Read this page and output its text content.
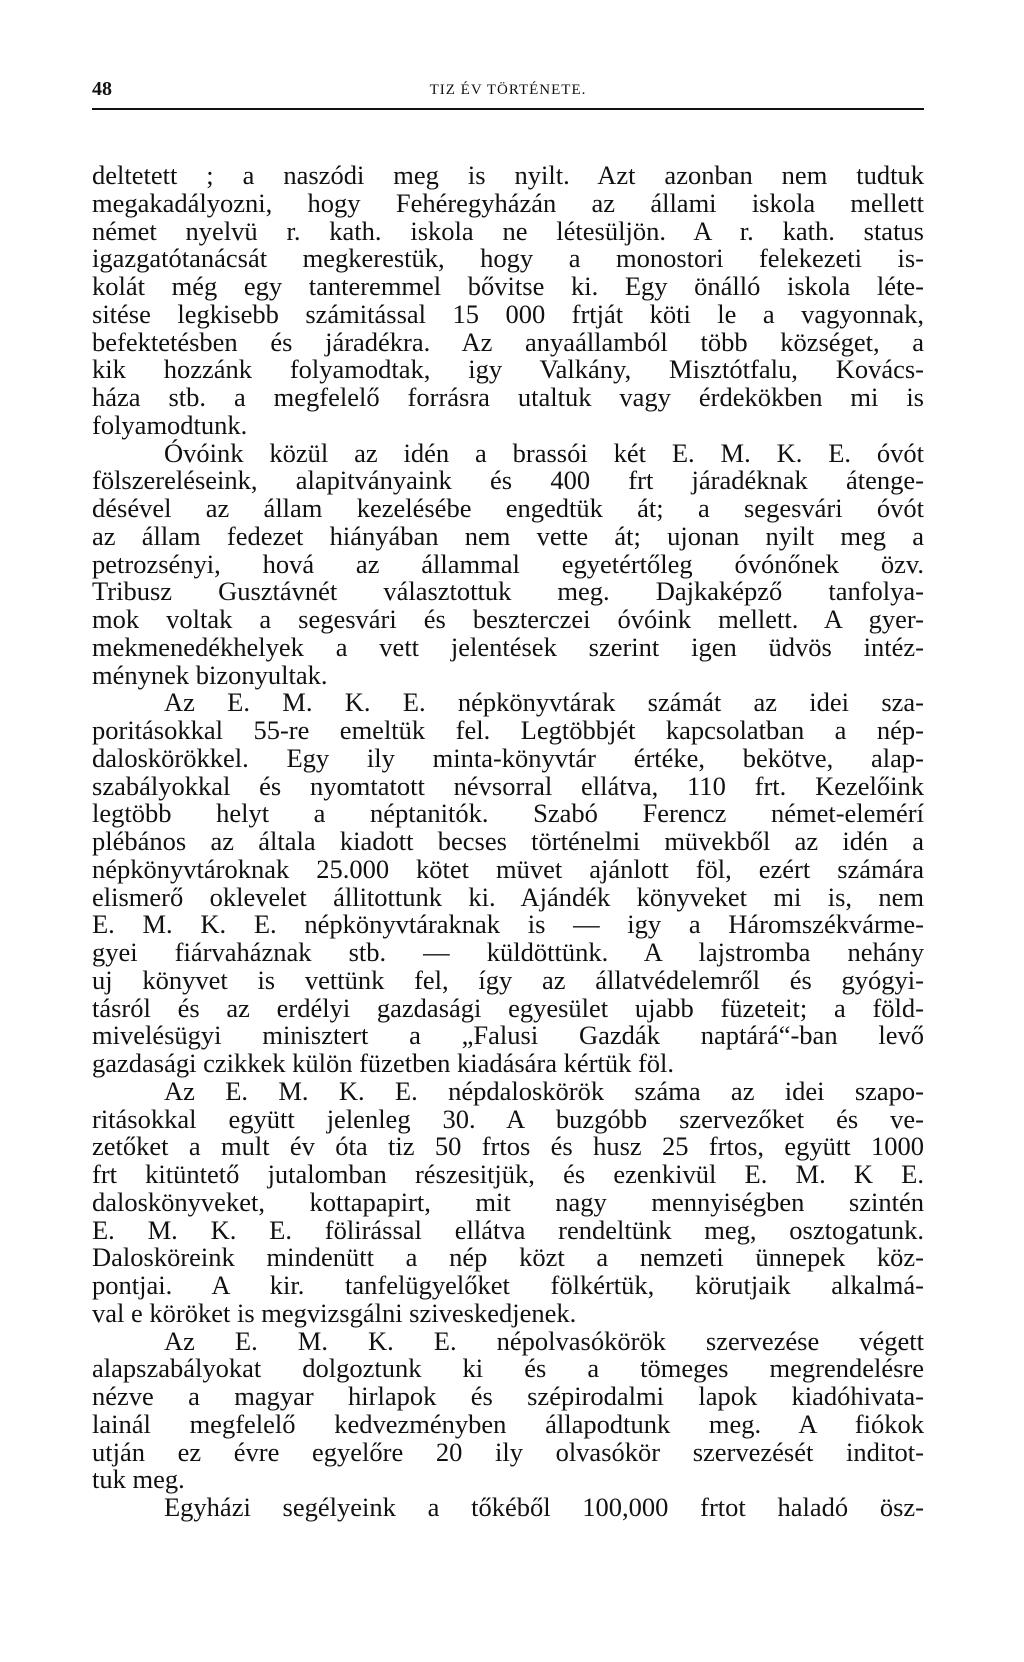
48	TIZ ÉV TÖRTÉNETE.
deltetett ; a naszódi meg is nyilt. Azt azonban nem tudtuk
megakadályozni, hogy Fehéregyházán az állami iskola mellett
német nyelvü r. kath. iskola ne létesüljön. A r. kath. status
igazgatótanácsát megkerestük, hogy a monostori felekezeti is-
kolát még egy tanteremmel bővitse ki. Egy önálló iskola léte-
sitése legkisebb számitással 15 000 frtját köti le a vagyonnak,
befektetésben és járadékra. Az anyaállamból több községet, a
kik hozzánk folyamodtak, igy Valkány, Misztótfalu, Kovács-
háza stb. a megfelelő forrásra utaltuk vagy érdekökben mi is
folyamodtunk.
Óvóink közül az idén a brassói két E. M. K. E. óvót
fölszereléseink, alapitványaink és 400 frt járadéknak átenge-
désével az állam kezelésébe engedtük át; a segesvári óvót
az állam fedezet hiányában nem vette át; ujonan nyilt meg a
petrozsényi, hová az állammal egyetértőleg óvónőnek özv.
Tribusz Gusztávnét választottuk meg. Dajkaképző tanfolya-
mok voltak a segesvári és beszterczei óvóink mellett. A gyer-
mekmenedékhelyek a vett jelentések szerint igen üdvös intéz-
ménynek bizonyultak.
Az E. M. K. E. népkönyvtárak számát az idei sza-
poritásokkal 55-re emeltük fel. Legtöbbjét kapcsolatban a nép-
daloskörökkel. Egy ily minta-könyvtár értéke, bekötve, alap-
szabályokkal és nyomtatott névsorral ellátva, 110 frt. Kezelőink
legtöbb helyt a néptanitók. Szabó Ferencz német-elemérí
plébános az általa kiadott becses történelmi müvekből az idén a
népkönyvtároknak 25.000 kötet müvet ajánlott föl, ezért számára
elismerő oklevelet állitottunk ki. Ajándék könyveket mi is, nem
E. M. K. E. népkönyvtáraknak is — igy a Háromszékvárme-
gyei fiárvaháznak stb. — küldöttünk. A lajstromba nehány
uj könyvet is vettünk fel, így az állatvédelemről és gyógyi-
tásról és az erdélyi gazdasági egyesület ujabb füzeteit; a föld-
mivelésügyi minisztert a „Falusi Gazdák naptárá“-ban levő
gazdasági czikkek külön füzetben kiadására kértük föl.
Az E. M. K. E. népdaloskörök száma az idei szapo-
ritásokkal együtt jelenleg 30. A buzgóbb szervezőket és ve-
zetőket a mult év óta tiz 50 frtos és husz 25 frtos, együtt 1000
frt kitüntető jutalomban részesitjük, és ezenkivül E. M. K E.
daloskönyveket, kottapapirt, mit nagy mennyiségben szintén
E. M. K. E. fölirással ellátva rendeltünk meg, osztogatunk.
Dalosköreink mindenütt a nép közt a nemzeti ünnepek köz-
pontjai. A kir. tanfelügyelőket fölkértük, körutjaik alkalmá-
val e köröket is megvizsgálni sziveskedjenek.
Az E. M. K. E. népolvasókörök szervezése végett
alapszabályokat dolgoztunk ki és a tömeges megrendelésre
nézve a magyar hirlapok és szépirodalmi lapok kiadóhivata-
lainál megfelelő kedvezményben állapodtunk meg. A fiókok
utján ez évre egyelőre 20 ily olvasókör szervezését inditot-
tuk meg.
Egyházi segélyeink a tőkéből 100,000 frtot haladó ösz-
